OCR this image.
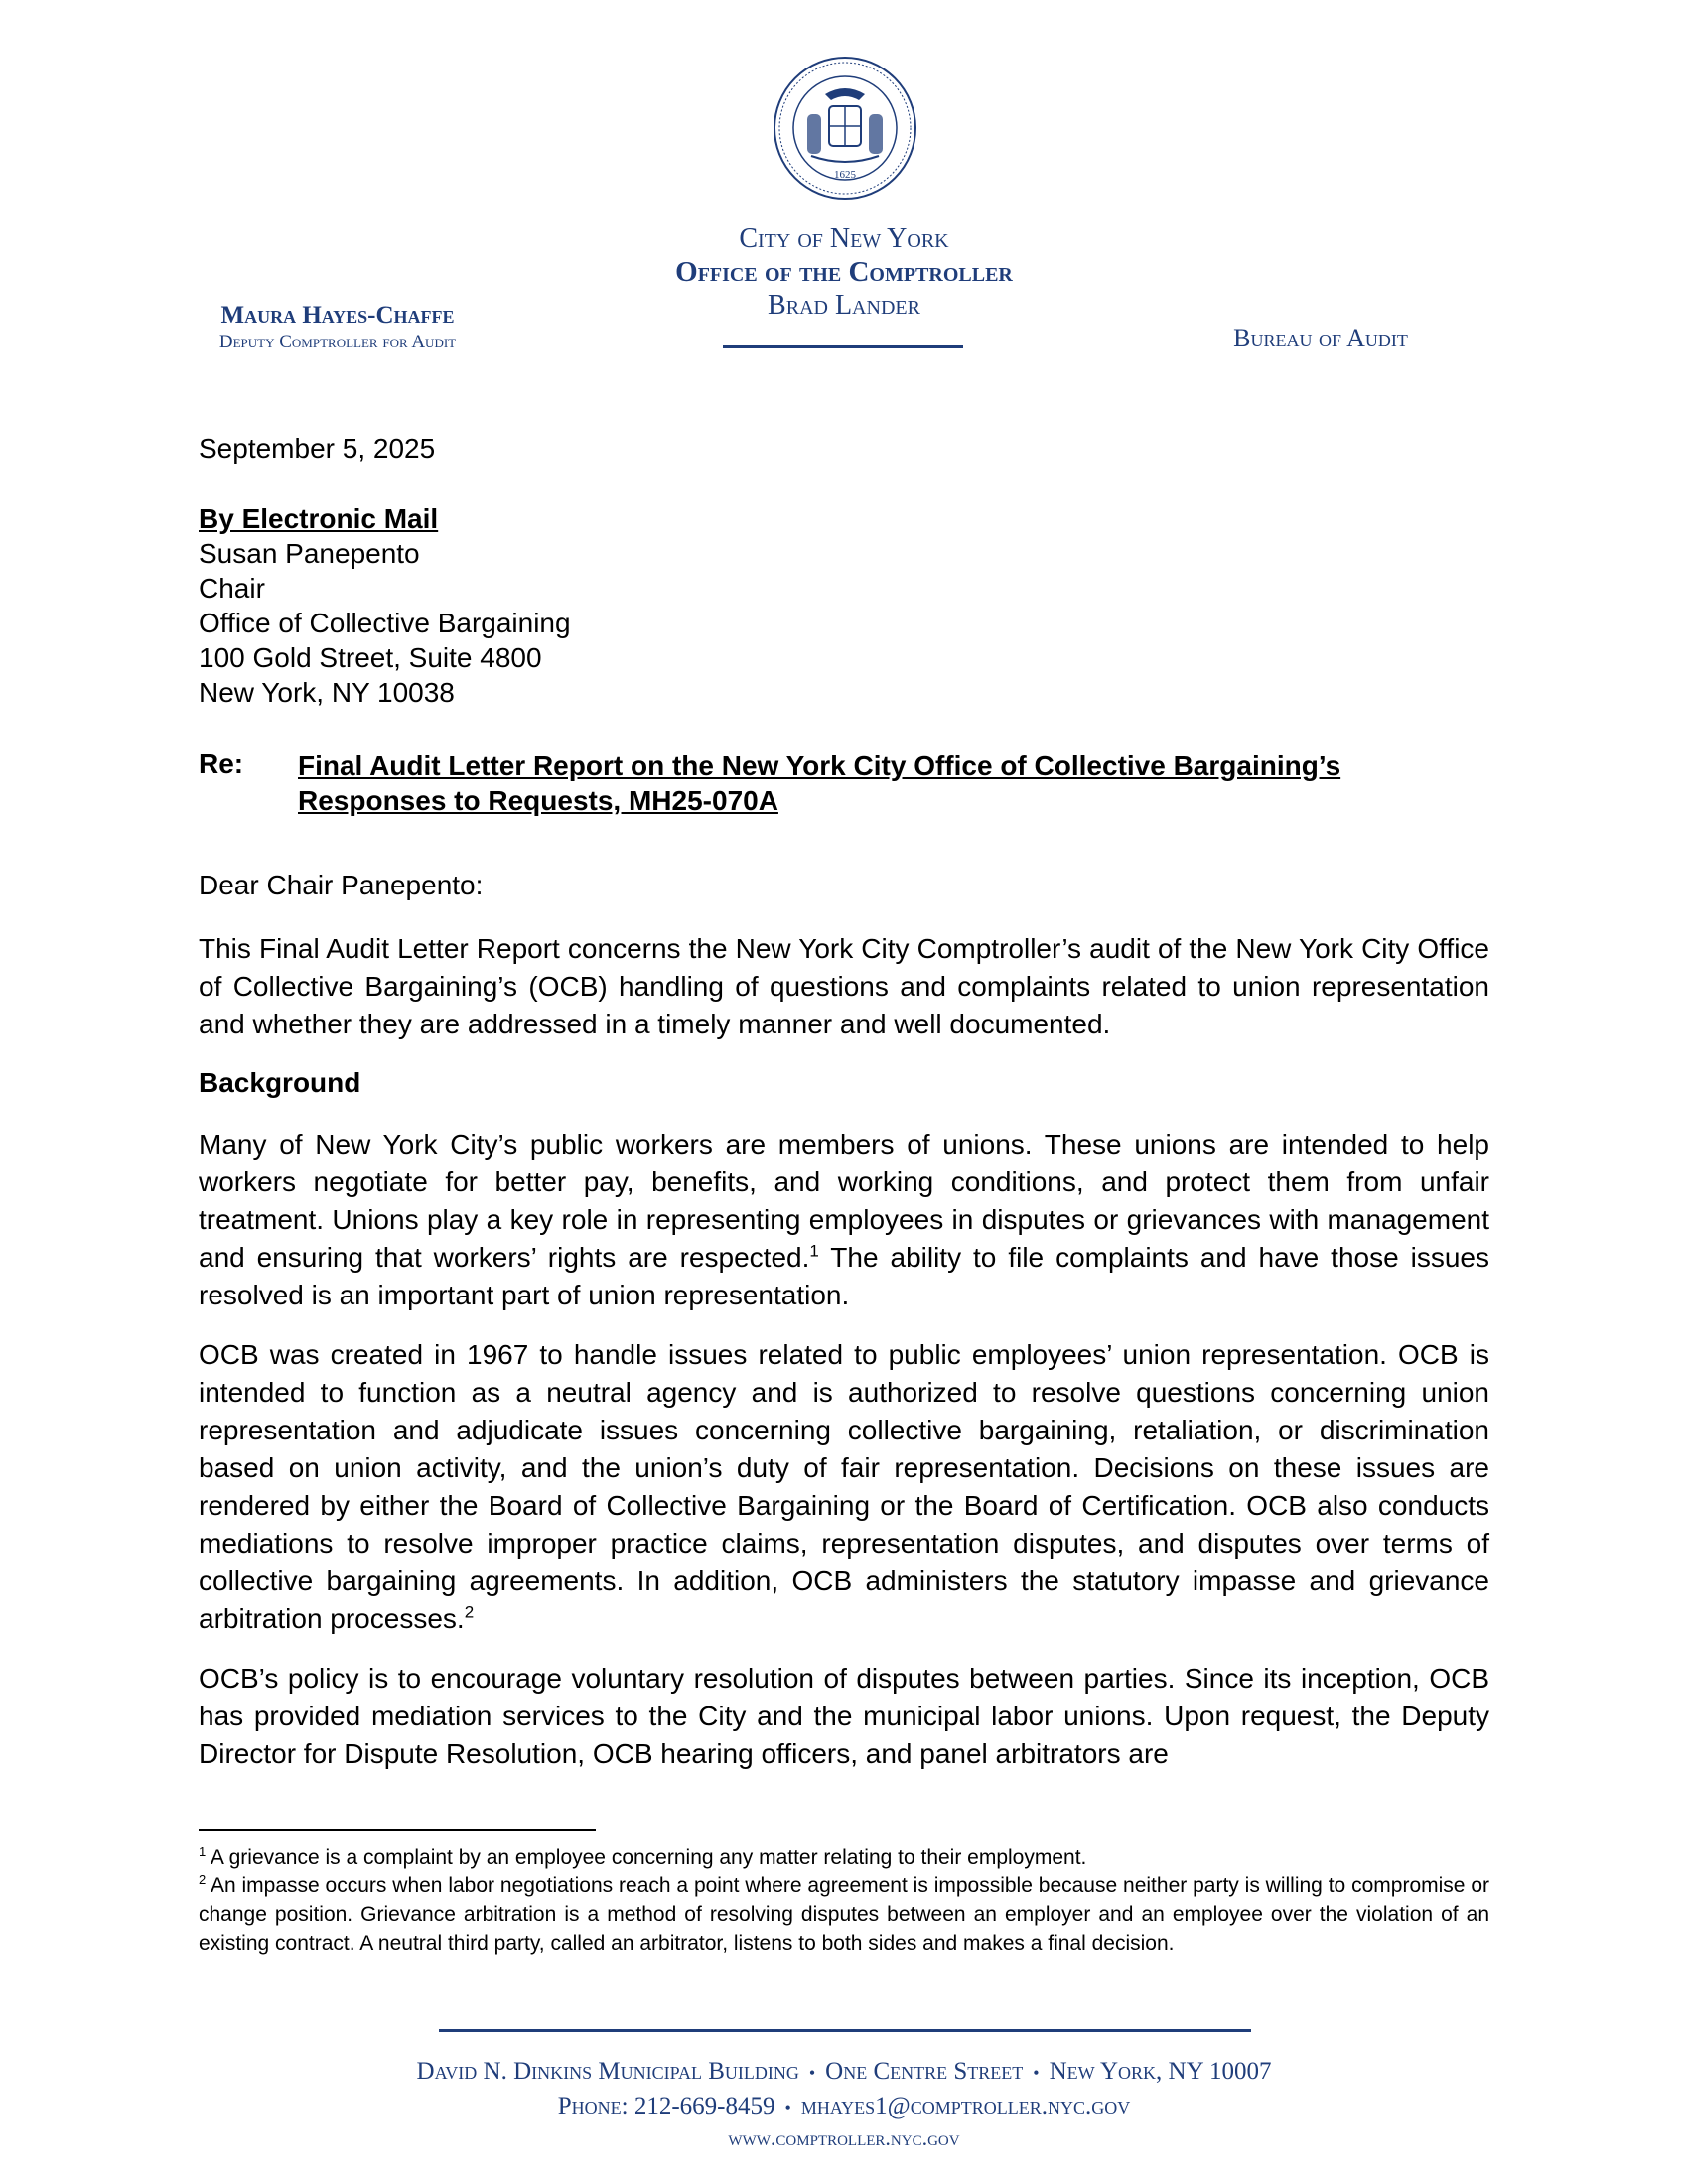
1625
City of New York
Office of the Comptroller
Brad Lander
Maura Hayes-Chaffe
Deputy Comptroller for Audit	Bureau of Audit
September 5, 2025
By Electronic Mail
Susan Panepento
Chair
Office of Collective Bargaining
100 Gold Street, Suite 4800
New York, NY 10038
Re: Final Audit Letter Report on the New York City Office of Collective Bargaining’s Responses to Requests, MH25-070A
Dear Chair Panepento:
This Final Audit Letter Report concerns the New York City Comptroller’s audit of the New York City Office of Collective Bargaining’s (OCB) handling of questions and complaints related to union representation and whether they are addressed in a timely manner and well documented.
Background
Many of New York City’s public workers are members of unions. These unions are intended to help workers negotiate for better pay, benefits, and working conditions, and protect them from unfair treatment. Unions play a key role in representing employees in disputes or grievances with management and ensuring that workers’ rights are respected.$^1$ The ability to file complaints and have those issues resolved is an important part of union representation.
OCB was created in 1967 to handle issues related to public employees’ union representation. OCB is intended to function as a neutral agency and is authorized to resolve questions concerning union representation and adjudicate issues concerning collective bargaining, retaliation, or discrimination based on union activity, and the union’s duty of fair representation. Decisions on these issues are rendered by either the Board of Collective Bargaining or the Board of Certification. OCB also conducts mediations to resolve improper practice claims, representation disputes, and disputes over terms of collective bargaining agreements. In addition, OCB administers the statutory impasse and grievance arbitration processes.$^2$
OCB’s policy is to encourage voluntary resolution of disputes between parties. Since its inception, OCB has provided mediation services to the City and the municipal labor unions. Upon request, the Deputy Director for Dispute Resolution, OCB hearing officers, and panel arbitrators are
$^1$ A grievance is a complaint by an employee concerning any matter relating to their employment.
$^2$ An impasse occurs when labor negotiations reach a point where agreement is impossible because neither party is willing to compromise or change position. Grievance arbitration is a method of resolving disputes between an employer and an employee over the violation of an existing contract. A neutral third party, called an arbitrator, listens to both sides and makes a final decision.
David N. Dinkins Municipal Building • One Centre Street • New York, NY 10007
Phone: 212-669-8459 • mhayes1@comptroller.nyc.gov
www.comptroller.nyc.gov
